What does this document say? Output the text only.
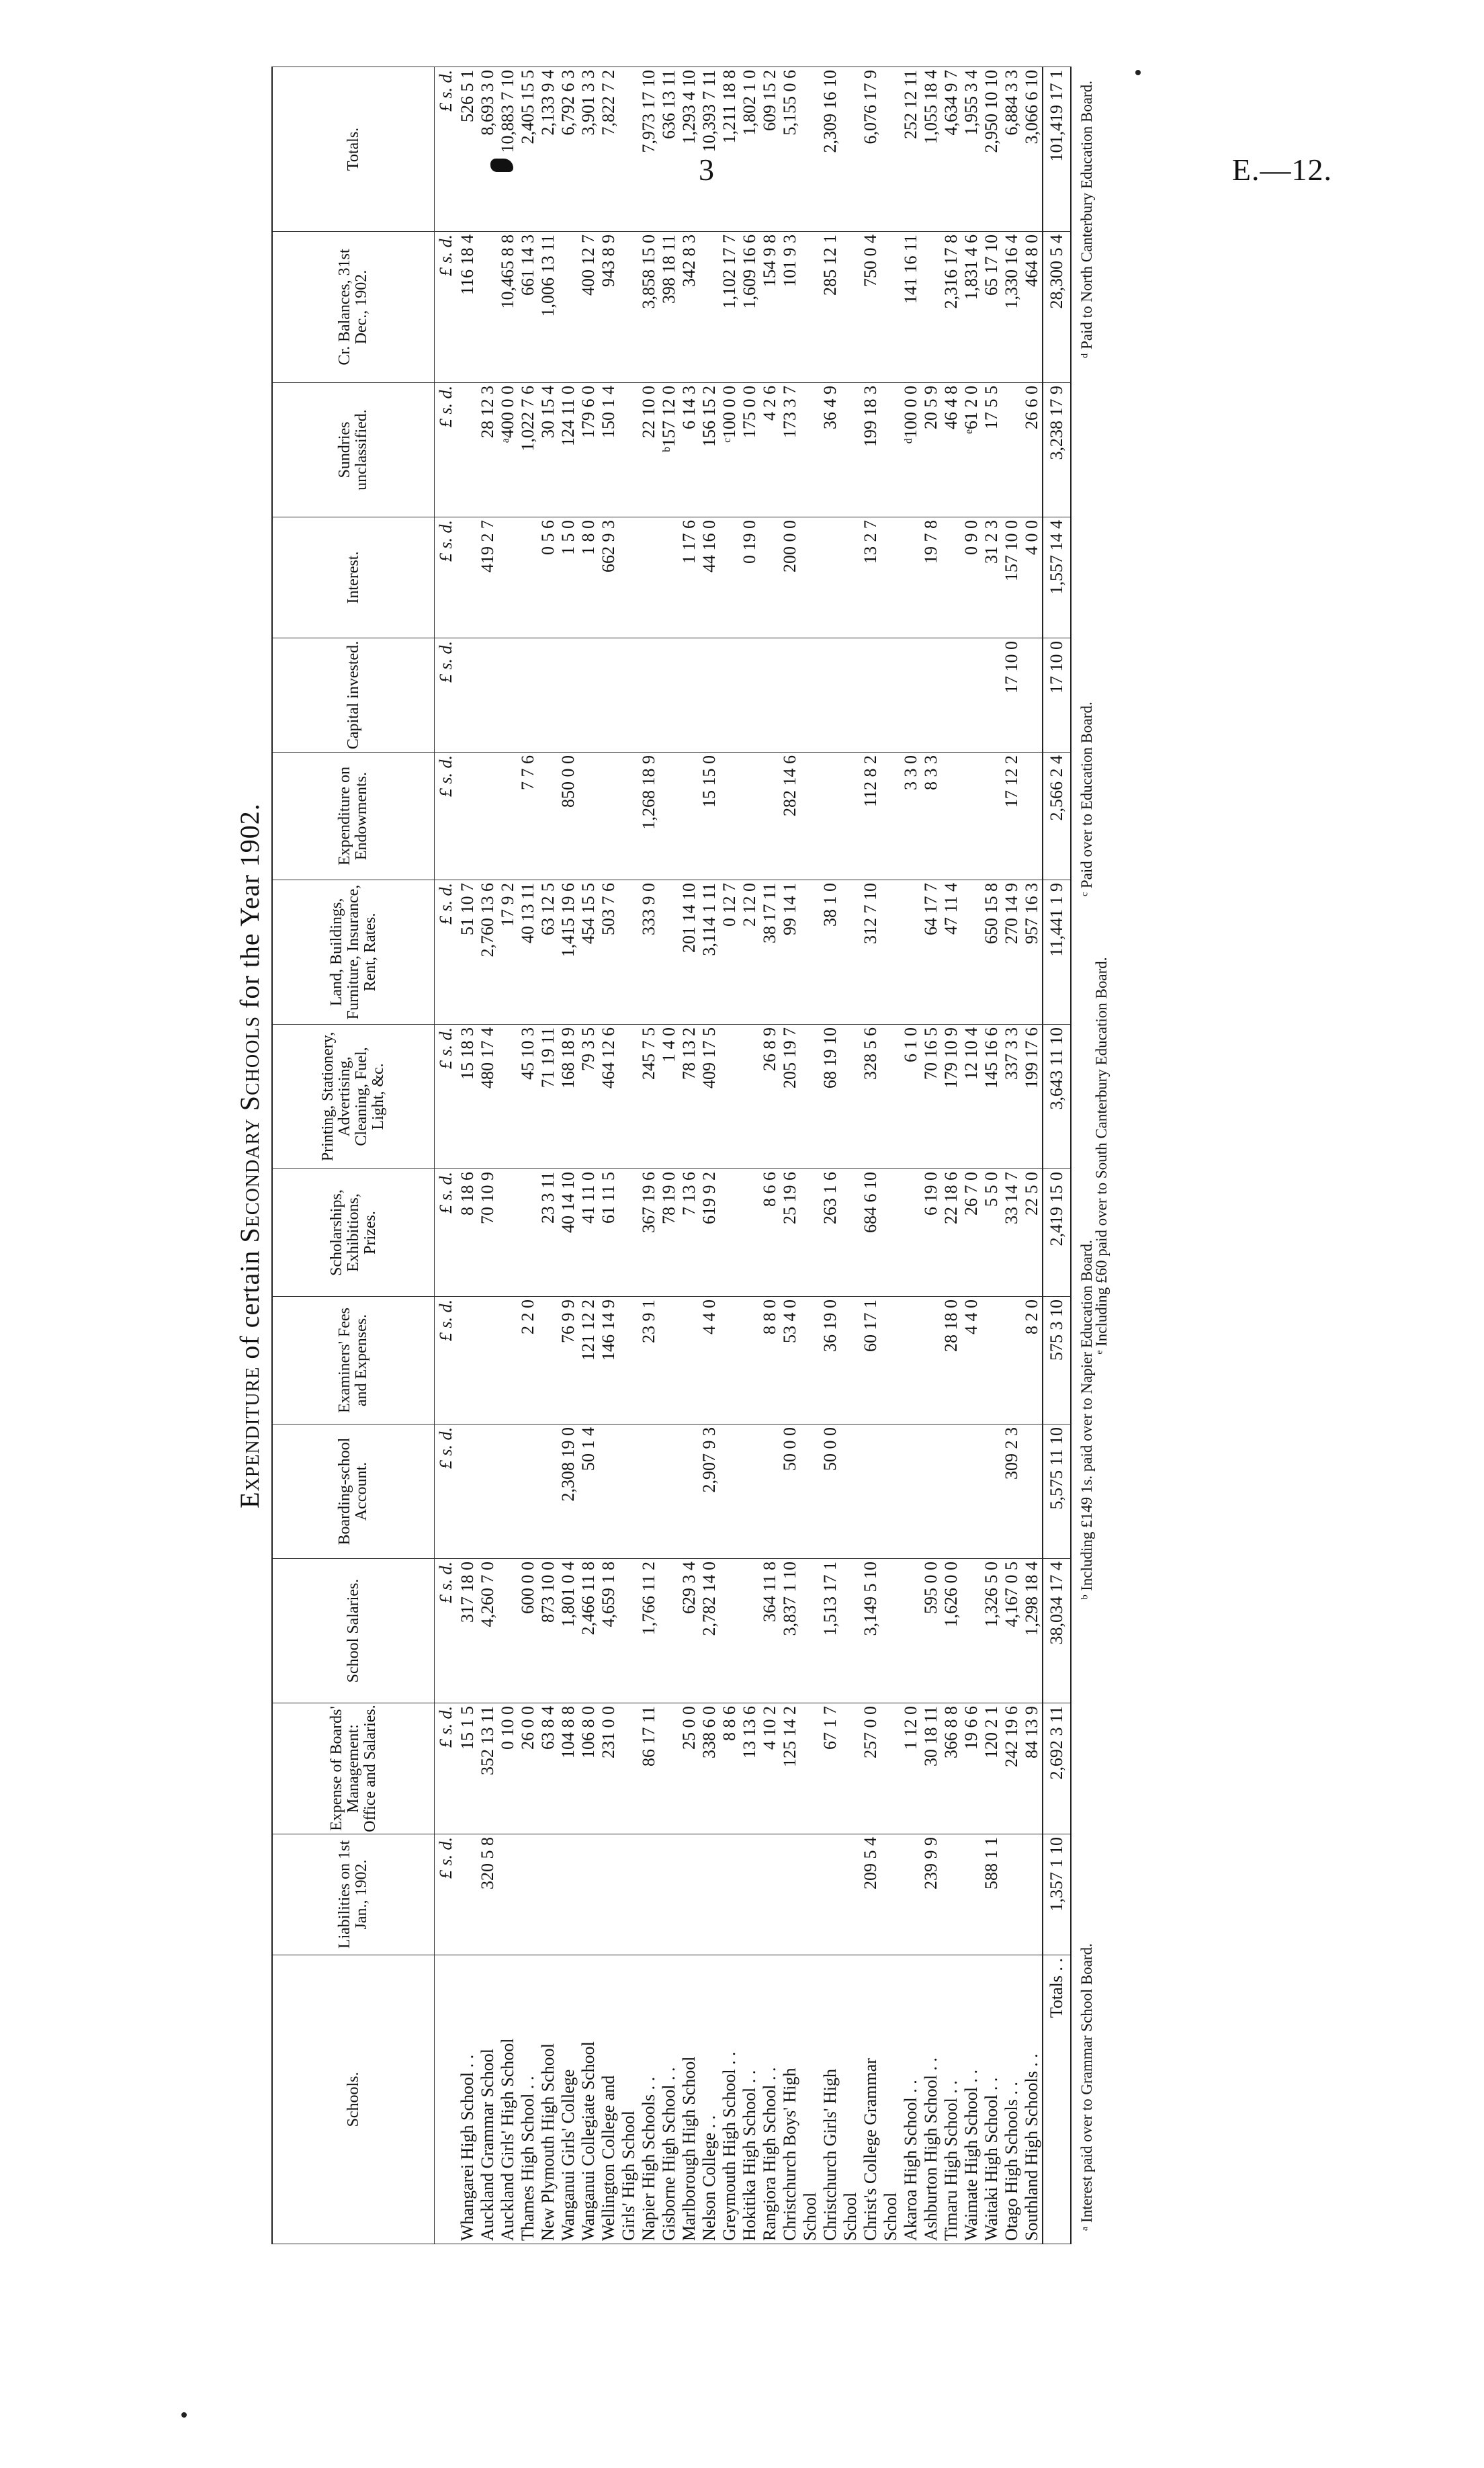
3	E.—12.
Expenditure of certain Secondary Schools for the Year 1902.
Schools.	Liabilities on 1st Jan., 1902.	Expense of Boards' Management: Office and Salaries.	School Salaries.	Boarding-school Account.	Examiners' Fees and Expenses.	Scholarships, Exhibitions, Prizes.	Printing, Stationery, Advertising, Cleaning, Fuel, Light, &c.	Land, Buildings, Furniture, Insurance, Rent, Rates.	Expenditure on Endowments.	Capital invested.	Interest.	Sundries unclassified.	Cr. Balances, 31st Dec., 1902.	Totals.
	£ s. d.	£ s. d.	£ s. d.	£ s. d.	£ s. d.	£ s. d.	£ s. d.	£ s. d.	£ s. d.	£ s. d.	£ s. d.	£ s. d.	£ s. d.	£ s. d.
Whangarei High School . .		15 1 5	317 18 0			8 18 6	15 18 3	51 10 7					116 18 4	526 5 1
Auckland Grammar School	320 5 8	352 13 11	4,260 7 0			70 10 9	480 17 4	2,760 13 6			419 2 7	28 12 3		8,693 3 0
Auckland Girls' High School		0 10 0						17 9 2				ᵃ400 0 0	10,465 8 8	10,883 7 10
Thames High School . .		26 0 0	600 0 0		2 2 0		45 10 3	40 13 11	7 7 6			1,022 7 6	661 14 3	2,405 15 5
New Plymouth High School		63 8 4	873 10 0			23 3 11	71 19 11	63 12 5			0 5 6	30 15 4	1,006 13 11	2,133 9 4
Wanganui Girls' College		104 8 8	1,801 0 4	2,308 19 0	76 9 9	40 14 10	168 18 9	1,415 19 6	850 0 0		1 5 0	124 11 0		6,792 6 3
Wanganui Collegiate School		106 8 0	2,466 11 8	50 1 4	121 12 2	41 11 0	79 3 5	454 15 5			1 8 0	179 6 0	400 12 7	3,901 3 3
Wellington College and		231 0 0	4,659 1 8		146 14 9	61 11 5	464 12 6	503 7 6			662 9 3	150 1 4	943 8 9	7,822 7 2
Girls' High School														
Napier High Schools . .		86 17 11	1,766 11 2		23 9 1	367 19 6	245 7 5	333 9 0	1,268 18 9			22 10 0	3,858 15 0	7,973 17 10
Gisborne High School . .						78 19 0	1 4 0					ᵇ157 12 0	398 18 11	636 13 11
Marlborough High School		25 0 0	629 3 4			7 13 6	78 13 2	201 14 10			1 17 6	6 14 3	342 8 3	1,293 4 10
Nelson College . .		338 6 0	2,782 14 0	2,907 9 3	4 4 0	619 9 2	409 17 5	3,114 1 11	15 15 0		44 16 0	156 15 2		10,393 7 11
Greymouth High School . .		8 8 6						0 12 7				ᶜ100 0 0	1,102 17 7	1,211 18 8
Hokitika High School . .		13 13 6						2 12 0			0 19 0	175 0 0	1,609 16 6	1,802 1 0
Rangiora High School . .		4 10 2	364 11 8		8 8 0	8 6 6	26 8 9	38 17 11				4 2 6	154 9 8	609 15 2
Christchurch Boys' High		125 14 2	3,837 1 10	50 0 0	53 4 0	25 19 6	205 19 7	99 14 1	282 14 6		200 0 0	173 3 7	101 9 3	5,155 0 6
School														
Christchurch Girls' High		67 1 7	1,513 17 1	50 0 0	36 19 0	263 1 6	68 19 10	38 1 0				36 4 9	285 12 1	2,309 16 10
School														
Christ's College Grammar	209 5 4	257 0 0	3,149 5 10		60 17 1	684 6 10	328 5 6	312 7 10	112 8 2		13 2 7	199 18 3	750 0 4	6,076 17 9
School														
Akaroa High School . .		1 12 0					6 1 0		3 3 0			ᵈ100 0 0	141 16 11	252 12 11
Ashburton High School . .	239 9 9	30 18 11	595 0 0			6 19 0	70 16 5	64 17 7	8 3 3		19 7 8	20 5 9		1,055 18 4
Timaru High School . .		366 8 8	1,626 0 0		28 18 0	22 18 6	179 10 9	47 11 4				46 4 8	2,316 17 8	4,634 9 7
Waimate High School . .		19 6 6			4 4 0	26 7 0	12 10 4				0 9 0	ᵉ61 2 0	1,831 4 6	1,955 3 4
Waitaki High School . .	588 1 1	120 2 1	1,326 5 0			5 5 0	145 16 6	650 15 8			31 2 3	17 5 5	65 17 10	2,950 10 10
Otago High Schools . .		242 19 6	4,167 0 5	309 2 3		33 14 7	337 3 3	270 14 9	17 12 2	17 10 0	157 10 0		1,330 16 4	6,884 3 3
Southland High Schools . .		84 13 9	1,298 18 4		8 2 0	22 5 0	199 17 6	957 16 3			4 0 0	26 6 0	464 8 0	3,066 6 10
Totals . .	1,357 1 10	2,692 3 11	38,034 17 4	5,575 11 10	575 3 10	2,419 15 0	3,643 11 10	11,441 1 9	2,566 2 4	17 10 0	1,557 14 4	3,238 17 9	28,300 5 4	101,419 17 1
ᵃ Interest paid over to Grammar School Board.
ᵇ Including £149 1s. paid over to Napier Education Board.
ᶜ Paid over to Education Board.
ᵈ Paid to North Canterbury Education Board.
ᵉ Including £60 paid over to South Canterbury Education Board.
